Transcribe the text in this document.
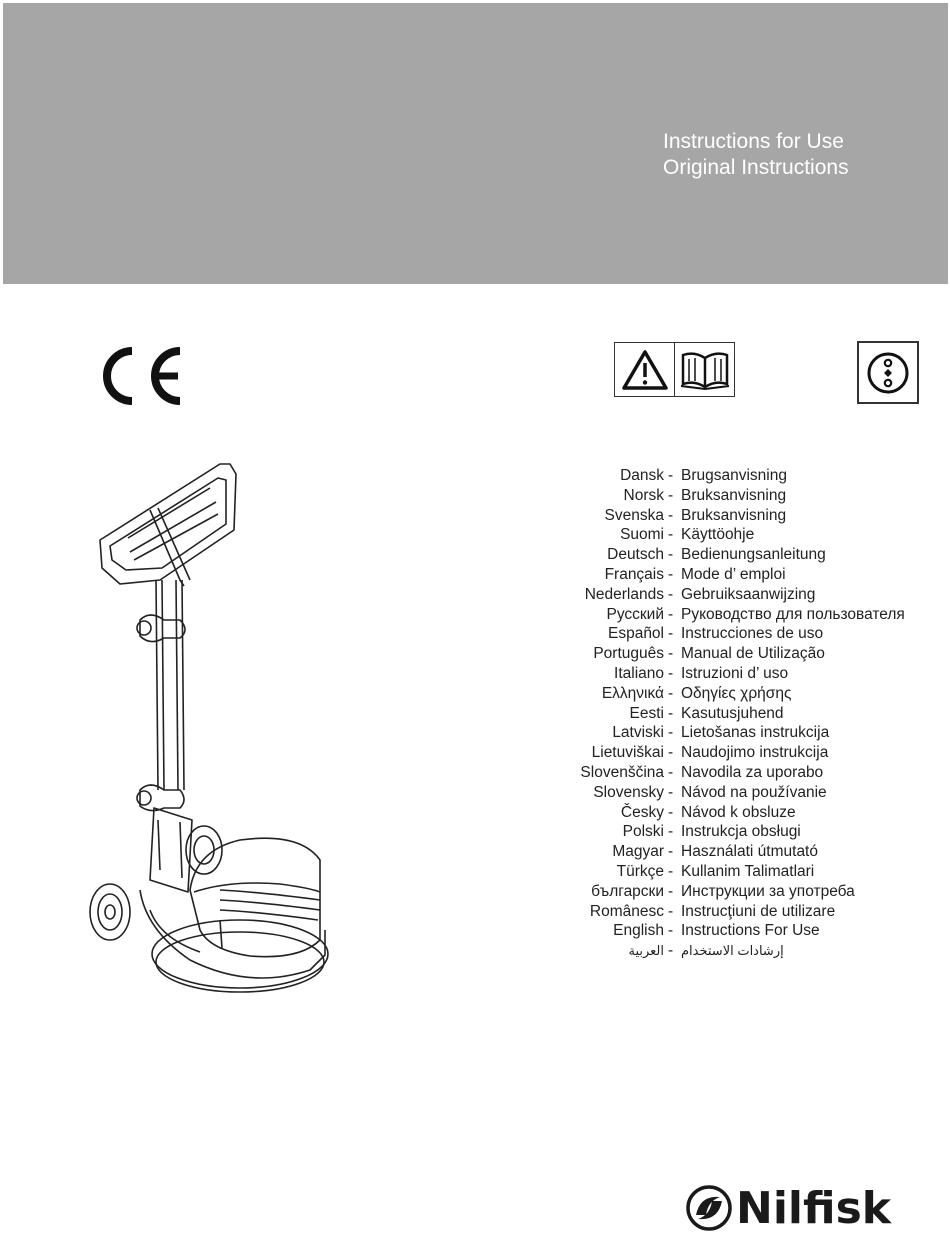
Instructions for Use
Original Instructions
Dansk - Brugsanvisning
Norsk - Bruksanvisning
Svenska - Bruksanvisning
Suomi - Käyttöohje
Deutsch - Bedienungsanleitung
Français - Mode d’ emploi
Nederlands - Gebruiksaanwijzing
Русский - Руководство для пользователя
Español - Instrucciones de uso
Português - Manual de Utilização
Italiano - Istruzioni d’ uso
Ελληνικά - Οδηγίες χρήσης
Eesti - Kasutusjuhend
Latviski - Lietošanas instrukcija
Lietuviškai - Naudojimo instrukcija
Slovenščina - Navodila za uporabo
Slovensky - Návod na používanie
Česky - Návod k obsluze
Polski - Instrukcja obsługi
Magyar - Használati útmutató
Türkçe - Kullanim Talimatlari
български - Инструкции за употреба
Românesc - Instrucţiuni de utilizare
English - Instructions For Use
العربية - إرشادات الاستخدام
Nilfisk
